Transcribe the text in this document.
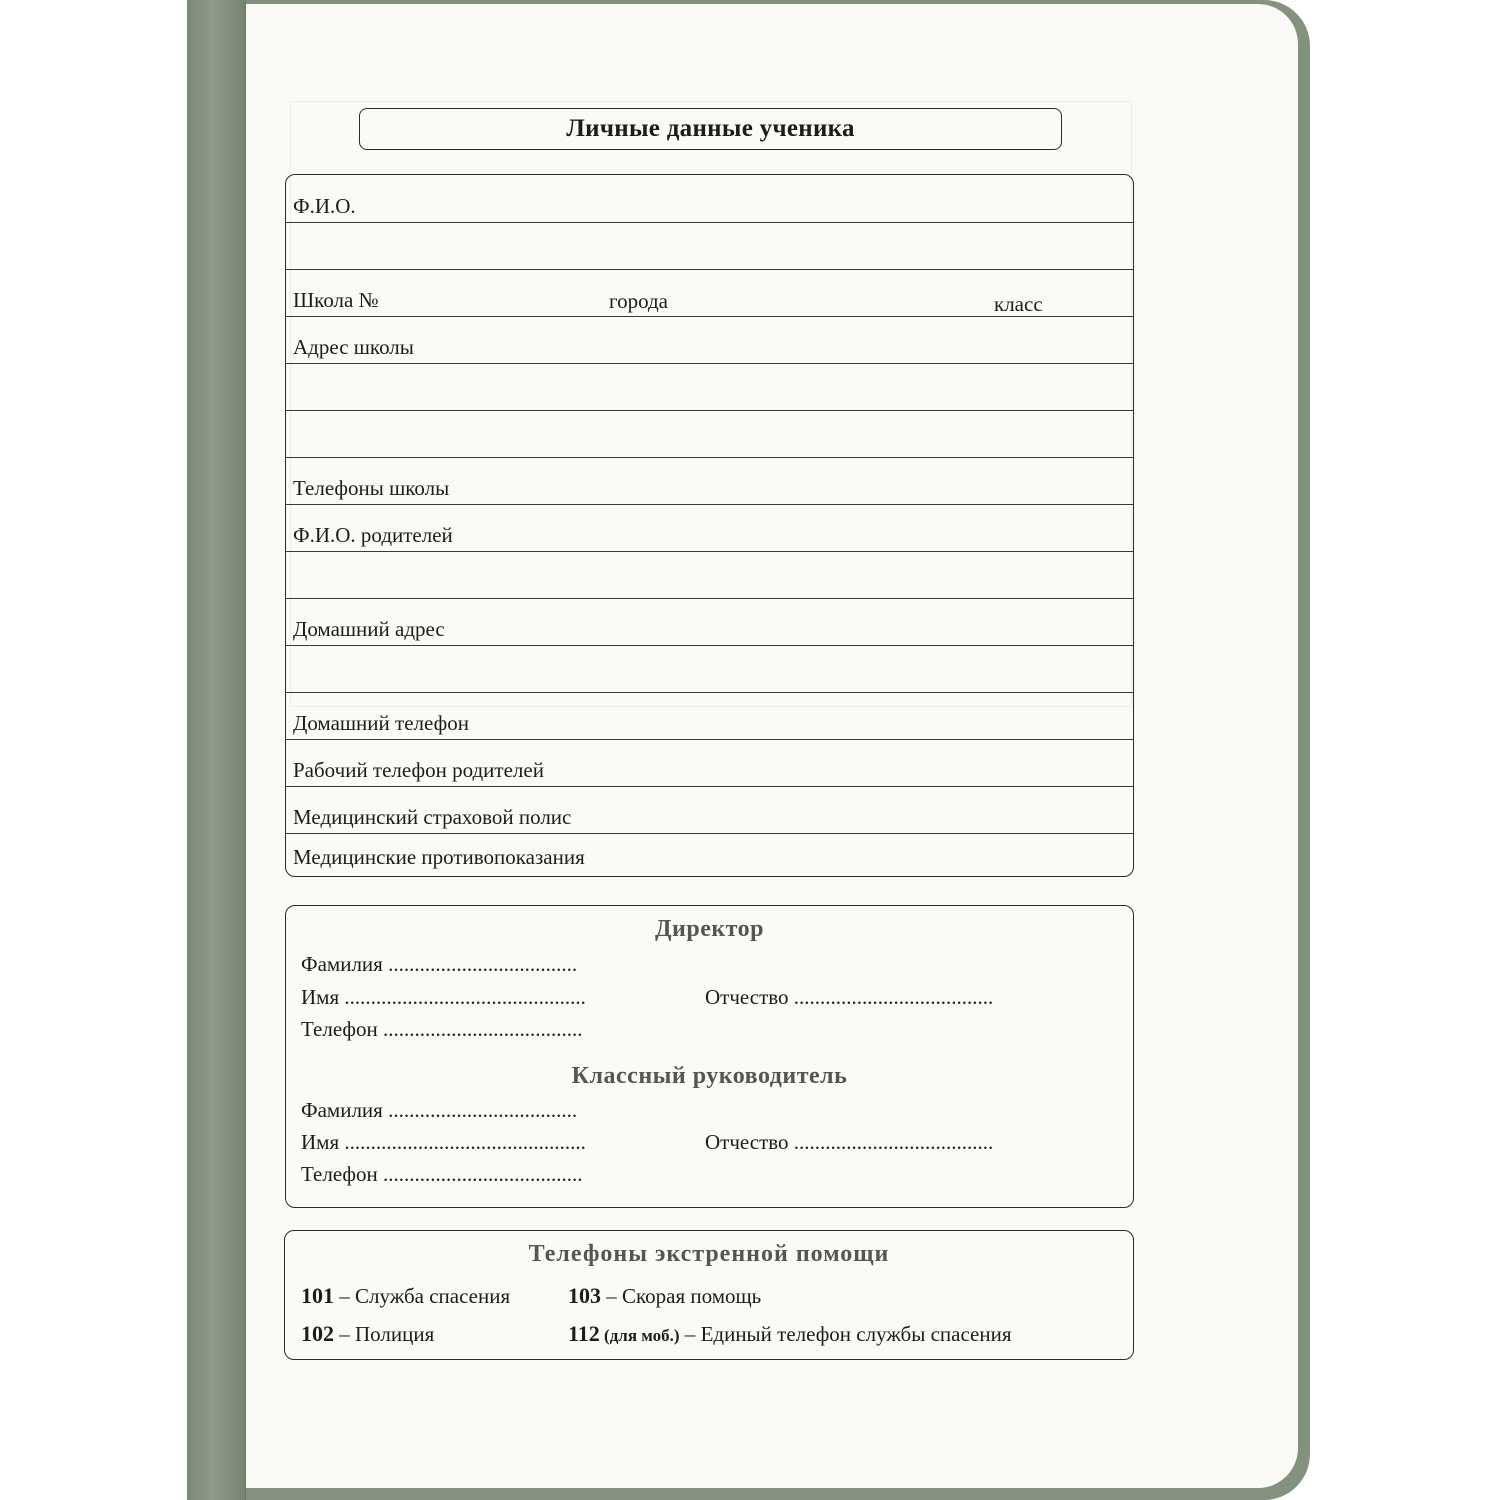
Личные данные ученика
Ф.И.О.
Школа №	города	класс
Адрес школы
Телефоны школы
Ф.И.О. родителей
Домашний адрес
Домашний телефон
Рабочий телефон родителей
Медицинский страховой полис
Медицинские противопоказания
Директор
Фамилия ....................................
Имя ..............................................	Отчество ......................................
Телефон ......................................
Классный руководитель
Фамилия ....................................
Имя ..............................................	Отчество ......................................
Телефон ......................................
Телефоны экстренной помощи
101 – Служба спасения	103 – Скорая помощь
102 – Полиция	112 (для моб.) – Единый телефон службы спасения
